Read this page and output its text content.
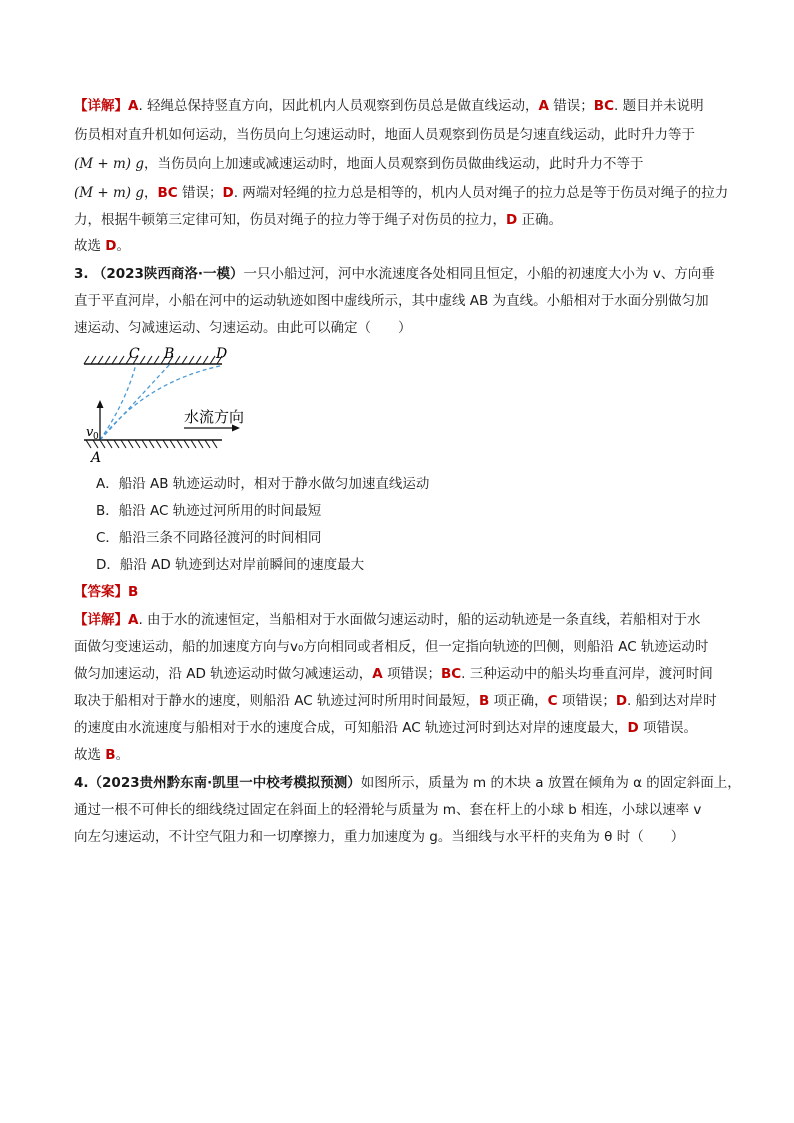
【详解】A. 轻绳总保持竖直方向，因此机内人员观察到伤员总是做直线运动，A 错误；BC. 题目并未说明
伤员相对直升机如何运动，当伤员向上匀速运动时，地面人员观察到伤员是匀速直线运动，此时升力等于
(M + m) g，当伤员向上加速或减速运动时，地面人员观察到伤员做曲线运动，此时升力不等于
(M + m) g，BC 错误；D. 两端对轻绳的拉力总是相等的，机内人员对绳子的拉力总是等于伤员对绳子的拉力
力，根据牛顿第三定律可知，伤员对绳子的拉力等于绳子对伤员的拉力，D 正确。
故选 D。
3. （2023陕西商洛·一模）一只小船过河，河中水流速度各处相同且恒定，小船的初速度大小为 v、方向垂
直于平直河岸，小船在河中的运动轨迹如图中虚线所示，其中虚线 AB 为直线。小船相对于水面分别做匀加
速运动、匀减速运动、匀速运动。由此可以确定（　　）
C B	D
A
v 0
水流方向
A．船沿 AB 轨迹运动时，相对于静水做匀加速直线运动
B．船沿 AC 轨迹过河所用的时间最短
C．船沿三条不同路径渡河的时间相同
D．船沿 AD 轨迹到达对岸前瞬间的速度最大
【答案】B
【详解】A. 由于水的流速恒定，当船相对于水面做匀速运动时，船的运动轨迹是一条直线，若船相对于水
面做匀变速运动，船的加速度方向与v₀方向相同或者相反，但一定指向轨迹的凹侧，则船沿 AC 轨迹运动时
做匀加速运动，沿 AD 轨迹运动时做匀减速运动，A 项错误；BC. 三种运动中的船头均垂直河岸，渡河时间
取决于船相对于静水的速度，则船沿 AC 轨迹过河时所用时间最短，B 项正确，C 项错误；D. 船到达对岸时
的速度由水流速度与船相对于水的速度合成，可知船沿 AC 轨迹过河时到达对岸的速度最大，D 项错误。
故选 B。
4.（2023贵州黔东南·凯里一中校考模拟预测）如图所示，质量为 m 的木块 a 放置在倾角为 α 的固定斜面上，
通过一根不可伸长的细线绕过固定在斜面上的轻滑轮与质量为 m、套在杆上的小球 b 相连，小球以速率 v
向左匀速运动，不计空气阻力和一切摩擦力，重力加速度为 g。当细线与水平杆的夹角为 θ 时（　　）
